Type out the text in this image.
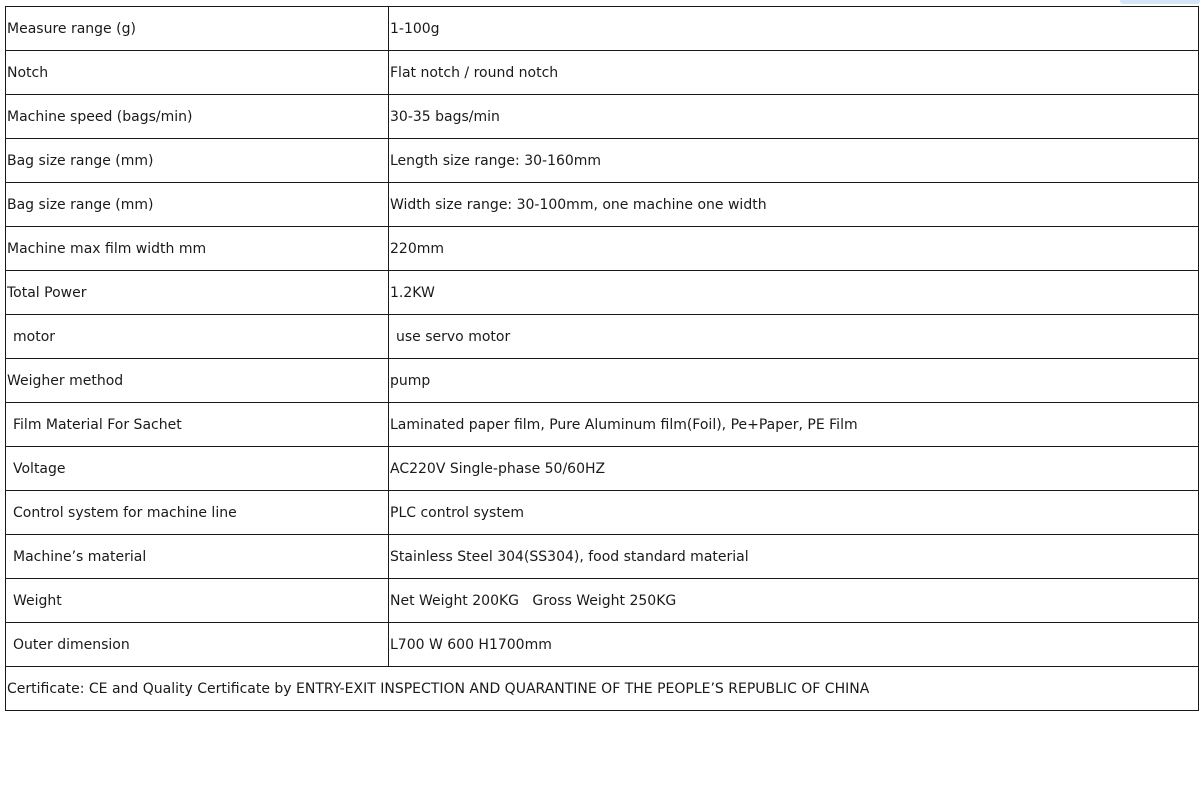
Measure range (g)	1-100g

Notch	Flat notch / round notch

Machine speed (bags/min)	30-35 bags/min

Bag size range (mm)	Length size range: 30-160mm

Bag size range (mm)	Width size range: 30-100mm, one machine one width

Machine max film width mm	220mm

Total Power	1.2KW

motor	use servo motor

Weigher method	pump

Film Material For Sachet	Laminated paper film, Pure Aluminum film(Foil), Pe+Paper, PE Film

Voltage	AC220V Single-phase 50/60HZ

Control system for machine line	PLC control system

Machine’s material	Stainless Steel 304(SS304), food standard material

Weight	Net Weight 200KG   Gross Weight 250KG

Outer dimension	L700 W 600 H1700mm

Certificate: CE and Quality Certificate by ENTRY-EXIT INSPECTION AND QUARANTINE OF THE PEOPLE’S REPUBLIC OF CHINA	
